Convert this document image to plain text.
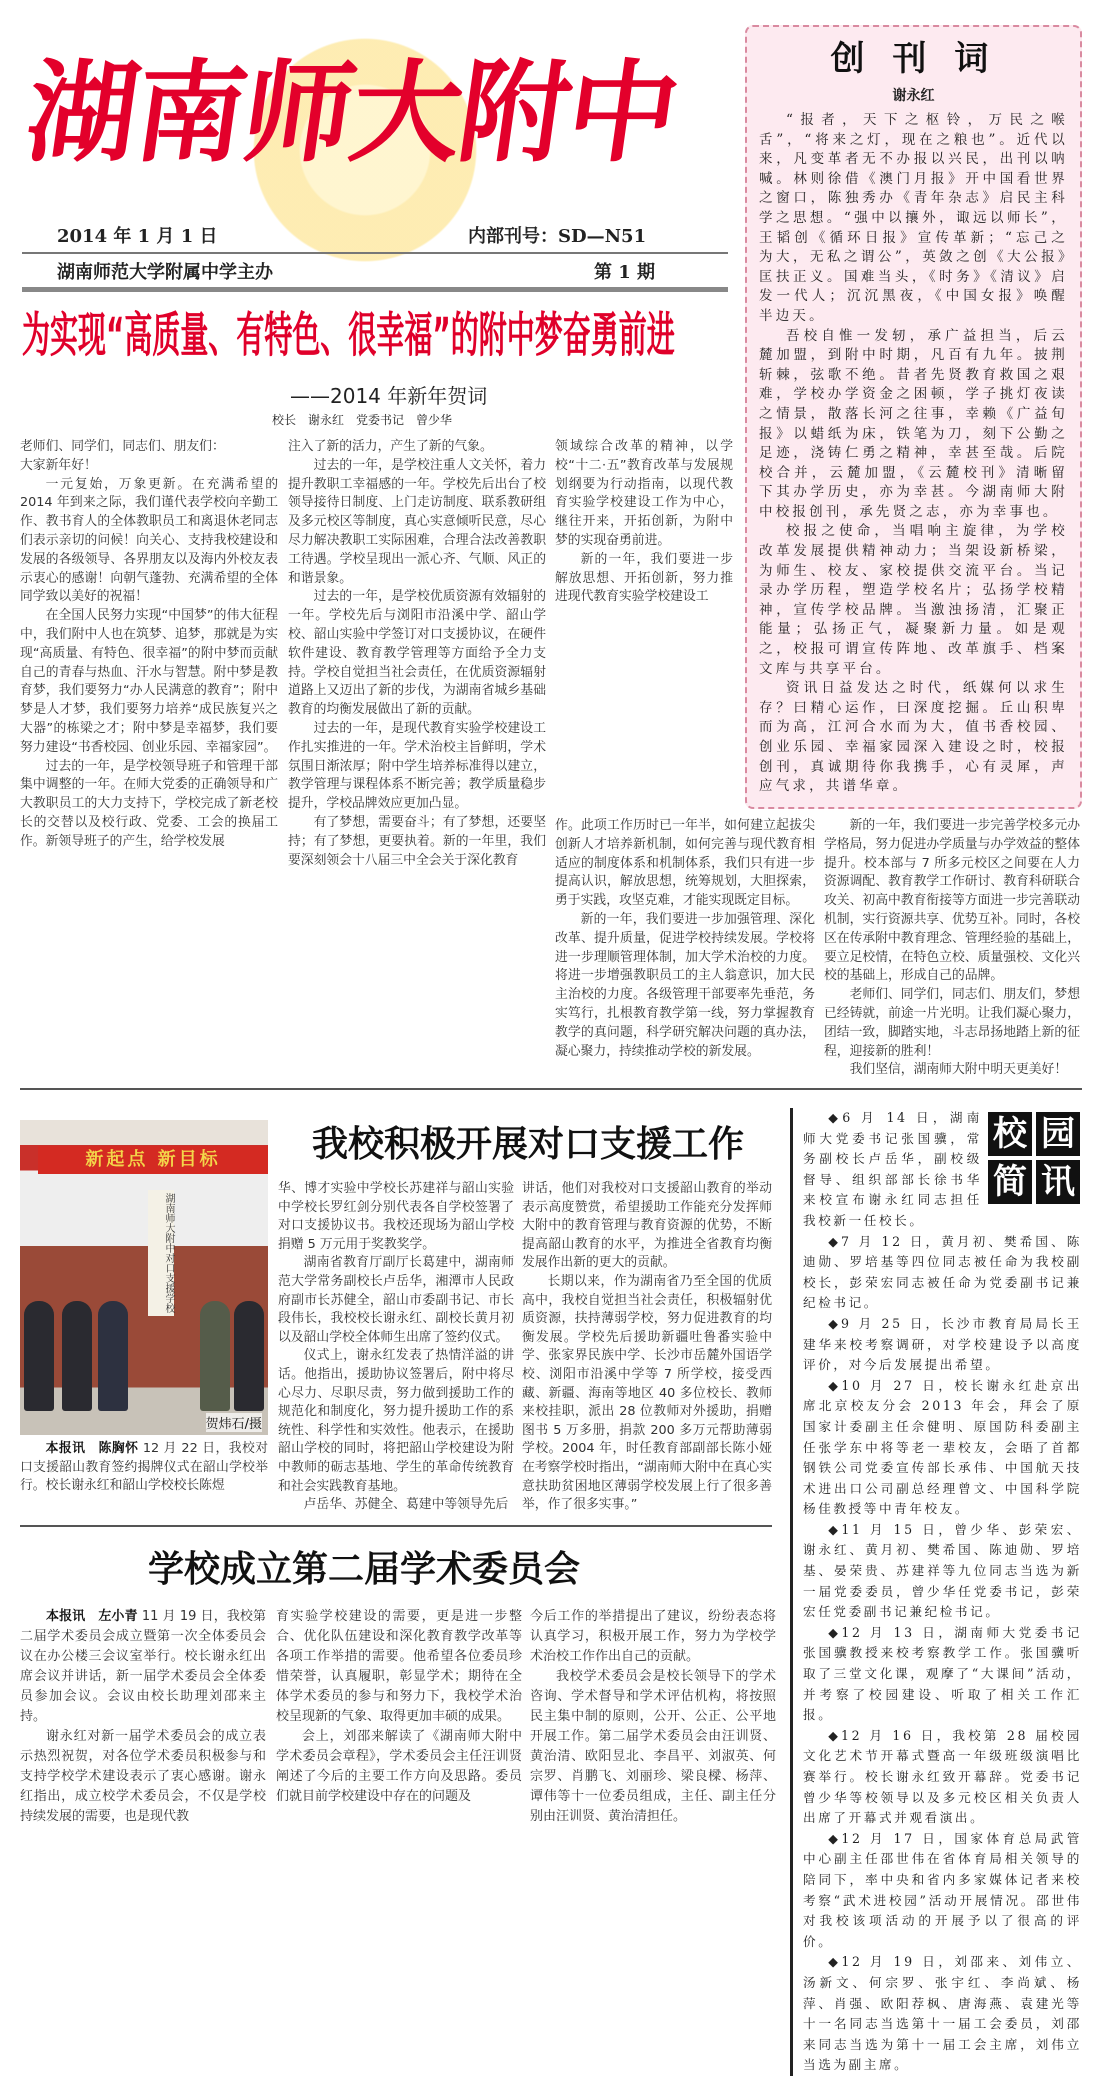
湖南师大附中
2014 年 1 月 1 日	内部刊号：SD—N51
湖南师范大学附属中学主办	第 1 期
为实现“高质量、有特色、很幸福”的附中梦奋勇前进
——2014 年新年贺词
校长　谢永红　党委书记　曾少华
创 刊 词
谢永红

“报者，天下之枢铃，万民之喉舌”，“将来之灯，现在之粮也”。近代以来，凡变革者无不办报以兴民，出刊以呐喊。林则徐借《澳门月报》开中国看世界之窗口，陈独秀办《青年杂志》启民主科学之思想。“强中以攘外，诹远以师长”，王韬创《循环日报》宣传革新；“忘己之为大，无私之谓公”，英敛之创《大公报》匡扶正义。国难当头，《时务》《清议》启发一代人；沉沉黑夜，《中国女报》唤醒半边天。

吾校自惟一发轫，承广益担当，后云麓加盟，到附中时期，凡百有九年。披荆斩棘，弦歌不绝。昔者先贤教育救国之艰难，学校办学资金之困顿，学子挑灯夜读之情景，散落长河之往事，幸赖《广益旬报》以蜡纸为床，铁笔为刀，刻下公勤之足迹，浇铸仁勇之精神，幸甚至哉。后院校合并，云麓加盟，《云麓校刊》清晰留下其办学历史，亦为幸甚。今湖南师大附中校报创刊，承先贤之志，亦为幸事也。

校报之使命，当唱响主旋律，为学校改革发展提供精神动力；当架设新桥梁，为师生、校友、家校提供交流平台。当记录办学历程，塑造学校名片；弘扬学校精神，宣传学校品牌。当激浊扬清，汇聚正能量；弘扬正气，凝聚新力量。如是观之，校报可谓宣传阵地、改革旗手、档案文库与共享平台。

资讯日益发达之时代，纸媒何以求生存？曰精心运作，曰深度挖掘。丘山积卑而为高，江河合水而为大，值书香校园、创业乐园、幸福家园深入建设之时，校报创刊，真诚期待你我携手，心有灵犀，声应气求，共谱华章。

老师们、同学们，同志们、朋友们：

大家新年好！

一元复始，万象更新。在充满希望的 2014 年到来之际，我们谨代表学校向辛勤工作、教书育人的全体教职员工和离退休老同志们表示亲切的问候！向关心、支持我校建设和发展的各级领导、各界朋友以及海内外校友表示衷心的感谢！向朝气蓬勃、充满希望的全体同学致以美好的祝福！

在全国人民努力实现“中国梦”的伟大征程中，我们附中人也在筑梦、追梦，那就是为实现“高质量、有特色、很幸福”的附中梦而贡献自己的青春与热血、汗水与智慧。附中梦是教育梦，我们要努力“办人民满意的教育”；附中梦是人才梦，我们要努力培养“成民族复兴之大器”的栋梁之才；附中梦是幸福梦，我们要努力建设“书香校园、创业乐园、幸福家园”。

过去的一年，是学校领导班子和管理干部集中调整的一年。在师大党委的正确领导和广大教职员工的大力支持下，学校完成了新老校长的交替以及校行政、党委、工会的换届工作。新领导班子的产生，给学校发展

注入了新的活力，产生了新的气象。

过去的一年，是学校注重人文关怀，着力提升教职工幸福感的一年。学校先后出台了校领导接待日制度、上门走访制度、联系教研组及多元校区等制度，真心实意倾听民意，尽心尽力解决教职工实际困难，合理合法改善教职工待遇。学校呈现出一派心齐、气顺、风正的和谐景象。

过去的一年，是学校优质资源有效辐射的一年。学校先后与浏阳市沿溪中学、韶山学校、韶山实验中学签订对口支援协议，在硬件软件建设、教育教学管理等方面给予全力支持。学校自觉担当社会责任，在优质资源辐射道路上又迈出了新的步伐，为湖南省城乡基础教育的均衡发展做出了新的贡献。

过去的一年，是现代教育实验学校建设工作扎实推进的一年。学术治校主旨鲜明，学术氛围日渐浓厚；附中学生培养标准得以建立，教学管理与课程体系不断完善；教学质量稳步提升，学校品牌效应更加凸显。

有了梦想，需要奋斗；有了梦想，还要坚持；有了梦想，更要执着。新的一年里，我们要深刻领会十八届三中全会关于深化教育

领域综合改革的精神，以学校“十二·五”教育改革与发展规划纲要为行动指南，以现代教育实验学校建设工作为中心，继往开来，开拓创新，为附中梦的实现奋勇前进。

新的一年，我们要进一步解放思想、开拓创新，努力推进现代教育实验学校建设工

作。此项工作历时已一年半，如何建立起拔尖创新人才培养新机制，如何完善与现代教育相适应的制度体系和机制体系，我们只有进一步提高认识，解放思想，统筹规划，大胆探索，勇于实践，攻坚克难，才能实现既定目标。

新的一年，我们要进一步加强管理、深化改革、提升质量，促进学校持续发展。学校将进一步理顺管理体制，加大学术治校的力度。将进一步增强教职员工的主人翁意识，加大民主治校的力度。各级管理干部要率先垂范，务实笃行，扎根教育教学第一线，努力掌握教育教学的真问题，科学研究解决问题的真办法，凝心聚力，持续推动学校的新发展。

新的一年，我们要进一步完善学校多元办学格局，努力促进办学质量与办学效益的整体提升。校本部与 7 所多元校区之间要在人力资源调配、教育教学工作研讨、教育科研联合攻关、初高中教育衔接等方面进一步完善联动机制，实行资源共享、优势互补。同时，各校区在传承附中教育理念、管理经验的基础上，要立足校情，在特色立校、质量强校、文化兴校的基础上，形成自己的品牌。

老师们、同学们，同志们、朋友们，梦想已经铸就，前途一片光明。让我们凝心聚力，团结一致，脚踏实地，斗志昂扬地踏上新的征程，迎接新的胜利！

我们坚信，湖南师大附中明天更美好！

我校积极开展对口支援工作
新起点 新目标
湖南师大附中对口支援学校
贺炜石/摄

本报讯　陈胸怀 12 月 22 日，我校对口支援韶山教育签约揭牌仪式在韶山学校举行。校长谢永红和韶山学校校长陈煜

华、博才实验中学校长苏建祥与韶山实验中学校长罗红剑分别代表各自学校签署了对口支援协议书。我校还现场为韶山学校捐赠 5 万元用于奖教奖学。

湖南省教育厅副厅长葛建中，湖南师范大学常务副校长卢岳华，湘潭市人民政府副市长苏健全，韶山市委副书记、市长段伟长，我校校长谢永红、副校长黄月初以及韶山学校全体师生出席了签约仪式。

仪式上，谢永红发表了热情洋溢的讲话。他指出，援助协议签署后，附中将尽心尽力、尽职尽责，努力做到援助工作的规范化和制度化，努力提升援助工作的系统性、科学性和实效性。他表示，在援助韶山学校的同时，将把韶山学校建设为附中教师的砺志基地、学生的革命传统教育和社会实践教育基地。

卢岳华、苏健全、葛建中等领导先后

讲话，他们对我校对口支援韶山教育的举动表示高度赞赏，希望援助工作能充分发挥师大附中的教育管理与教育资源的优势，不断提高韶山教育的水平，为推进全省教育均衡发展作出新的更大的贡献。

长期以来，作为湖南省乃至全国的优质高中，我校自觉担当社会责任，积极辐射优质资源，扶持薄弱学校，努力促进教育的均衡发展。学校先后援助新疆吐鲁番实验中学、张家界民族中学、长沙市岳麓外国语学校、浏阳市沿溪中学等 7 所学校，接受西藏、新疆、海南等地区 40 多位校长、教师来校挂职，派出 28 位教师对外援助，捐赠图书 5 万多册，捐款 200 多万元帮助薄弱学校。2004 年，时任教育部副部长陈小娅在考察学校时指出，“湖南师大附中在真心实意扶助贫困地区薄弱学校发展上行了很多善举，作了很多实事。”

校 园
简 讯

◆6 月 14 日，湖南师大党委书记张国骥，常务副校长卢岳华，副校级督导、组织部部长徐书华来校宣布谢永红同志担任我校新一任校长。

◆7 月 12 日，黄月初、樊希国、陈迪勋、罗培基等四位同志被任命为我校副校长，彭荣宏同志被任命为党委副书记兼纪检书记。

◆9 月 25 日，长沙市教育局局长王建华来校考察调研，对学校建设予以高度评价，对今后发展提出希望。

◆10 月 27 日，校长谢永红赴京出席北京校友分会 2013 年会，拜会了原国家计委副主任佘健明、原国防科委副主任张学东中将等老一辈校友，会晤了首都钢铁公司党委宣传部长承伟、中国航天技术进出口公司副总经理曾文、中国科学院杨佳教授等中青年校友。

◆11 月 15 日，曾少华、彭荣宏、谢永红、黄月初、樊希国、陈迪勋、罗培基、晏荣贵、苏建祥等九位同志当选为新一届党委委员，曾少华任党委书记，彭荣宏任党委副书记兼纪检书记。

◆12 月 13 日，湖南师大党委书记张国骥教授来校考察教学工作。张国骥听取了三堂文化课，观摩了“大课间”活动，并考察了校园建设、听取了相关工作汇报。

◆12 月 16 日，我校第 28 届校园文化艺术节开幕式暨高一年级班级演唱比赛举行。校长谢永红致开幕辞。党委书记曾少华等校领导以及多元校区相关负责人出席了开幕式并观看演出。

◆12 月 17 日，国家体育总局武管中心副主任邵世伟在省体育局相关领导的陪同下，率中央和省内多家媒体记者来校考察“武术进校园”活动开展情况。邵世伟对我校该项活动的开展予以了很高的评价。

◆12 月 19 日，刘邵来、刘伟立、汤新文、何宗罗、张宇红、李尚斌、杨萍、肖强、欧阳荐枫、唐海燕、袁建光等十一名同志当选第十一届工会委员，刘邵来同志当选为第十一届工会主席，刘伟立当选为副主席。

学校成立第二届学术委员会

本报讯　左小青 11 月 19 日，我校第二届学术委员会成立暨第一次全体委员会议在办公楼三会议室举行。校长谢永红出席会议并讲话，新一届学术委员会全体委员参加会议。会议由校长助理刘邵来主持。

谢永红对新一届学术委员会的成立表示热烈祝贺，对各位学术委员积极参与和支持学校学术建设表示了衷心感谢。谢永红指出，成立校学术委员会，不仅是学校持续发展的需要，也是现代教

育实验学校建设的需要，更是进一步整合、优化队伍建设和深化教育教学改革等各项工作举措的需要。他希望各位委员珍惜荣誉，认真履职，彰显学术；期待在全体学术委员的参与和努力下，我校学术治校呈现新的气象、取得更加丰硕的成果。

会上，刘邵来解读了《湖南师大附中学术委员会章程》，学术委员会主任汪训贤阐述了今后的主要工作方向及思路。委员们就目前学校建设中存在的问题及

今后工作的举措提出了建议，纷纷表态将认真学习，积极开展工作，努力为学校学术治校工作作出自己的贡献。

我校学术委员会是校长领导下的学术咨询、学术督导和学术评估机构，将按照民主集中制的原则，公开、公正、公平地开展工作。第二届学术委员会由汪训贤、黄治清、欧阳昱北、李昌平、刘淑英、何宗罗、肖鹏飞、刘丽珍、梁良樑、杨萍、谭伟等十一位委员组成，主任、副主任分别由汪训贤、黄治清担任。
